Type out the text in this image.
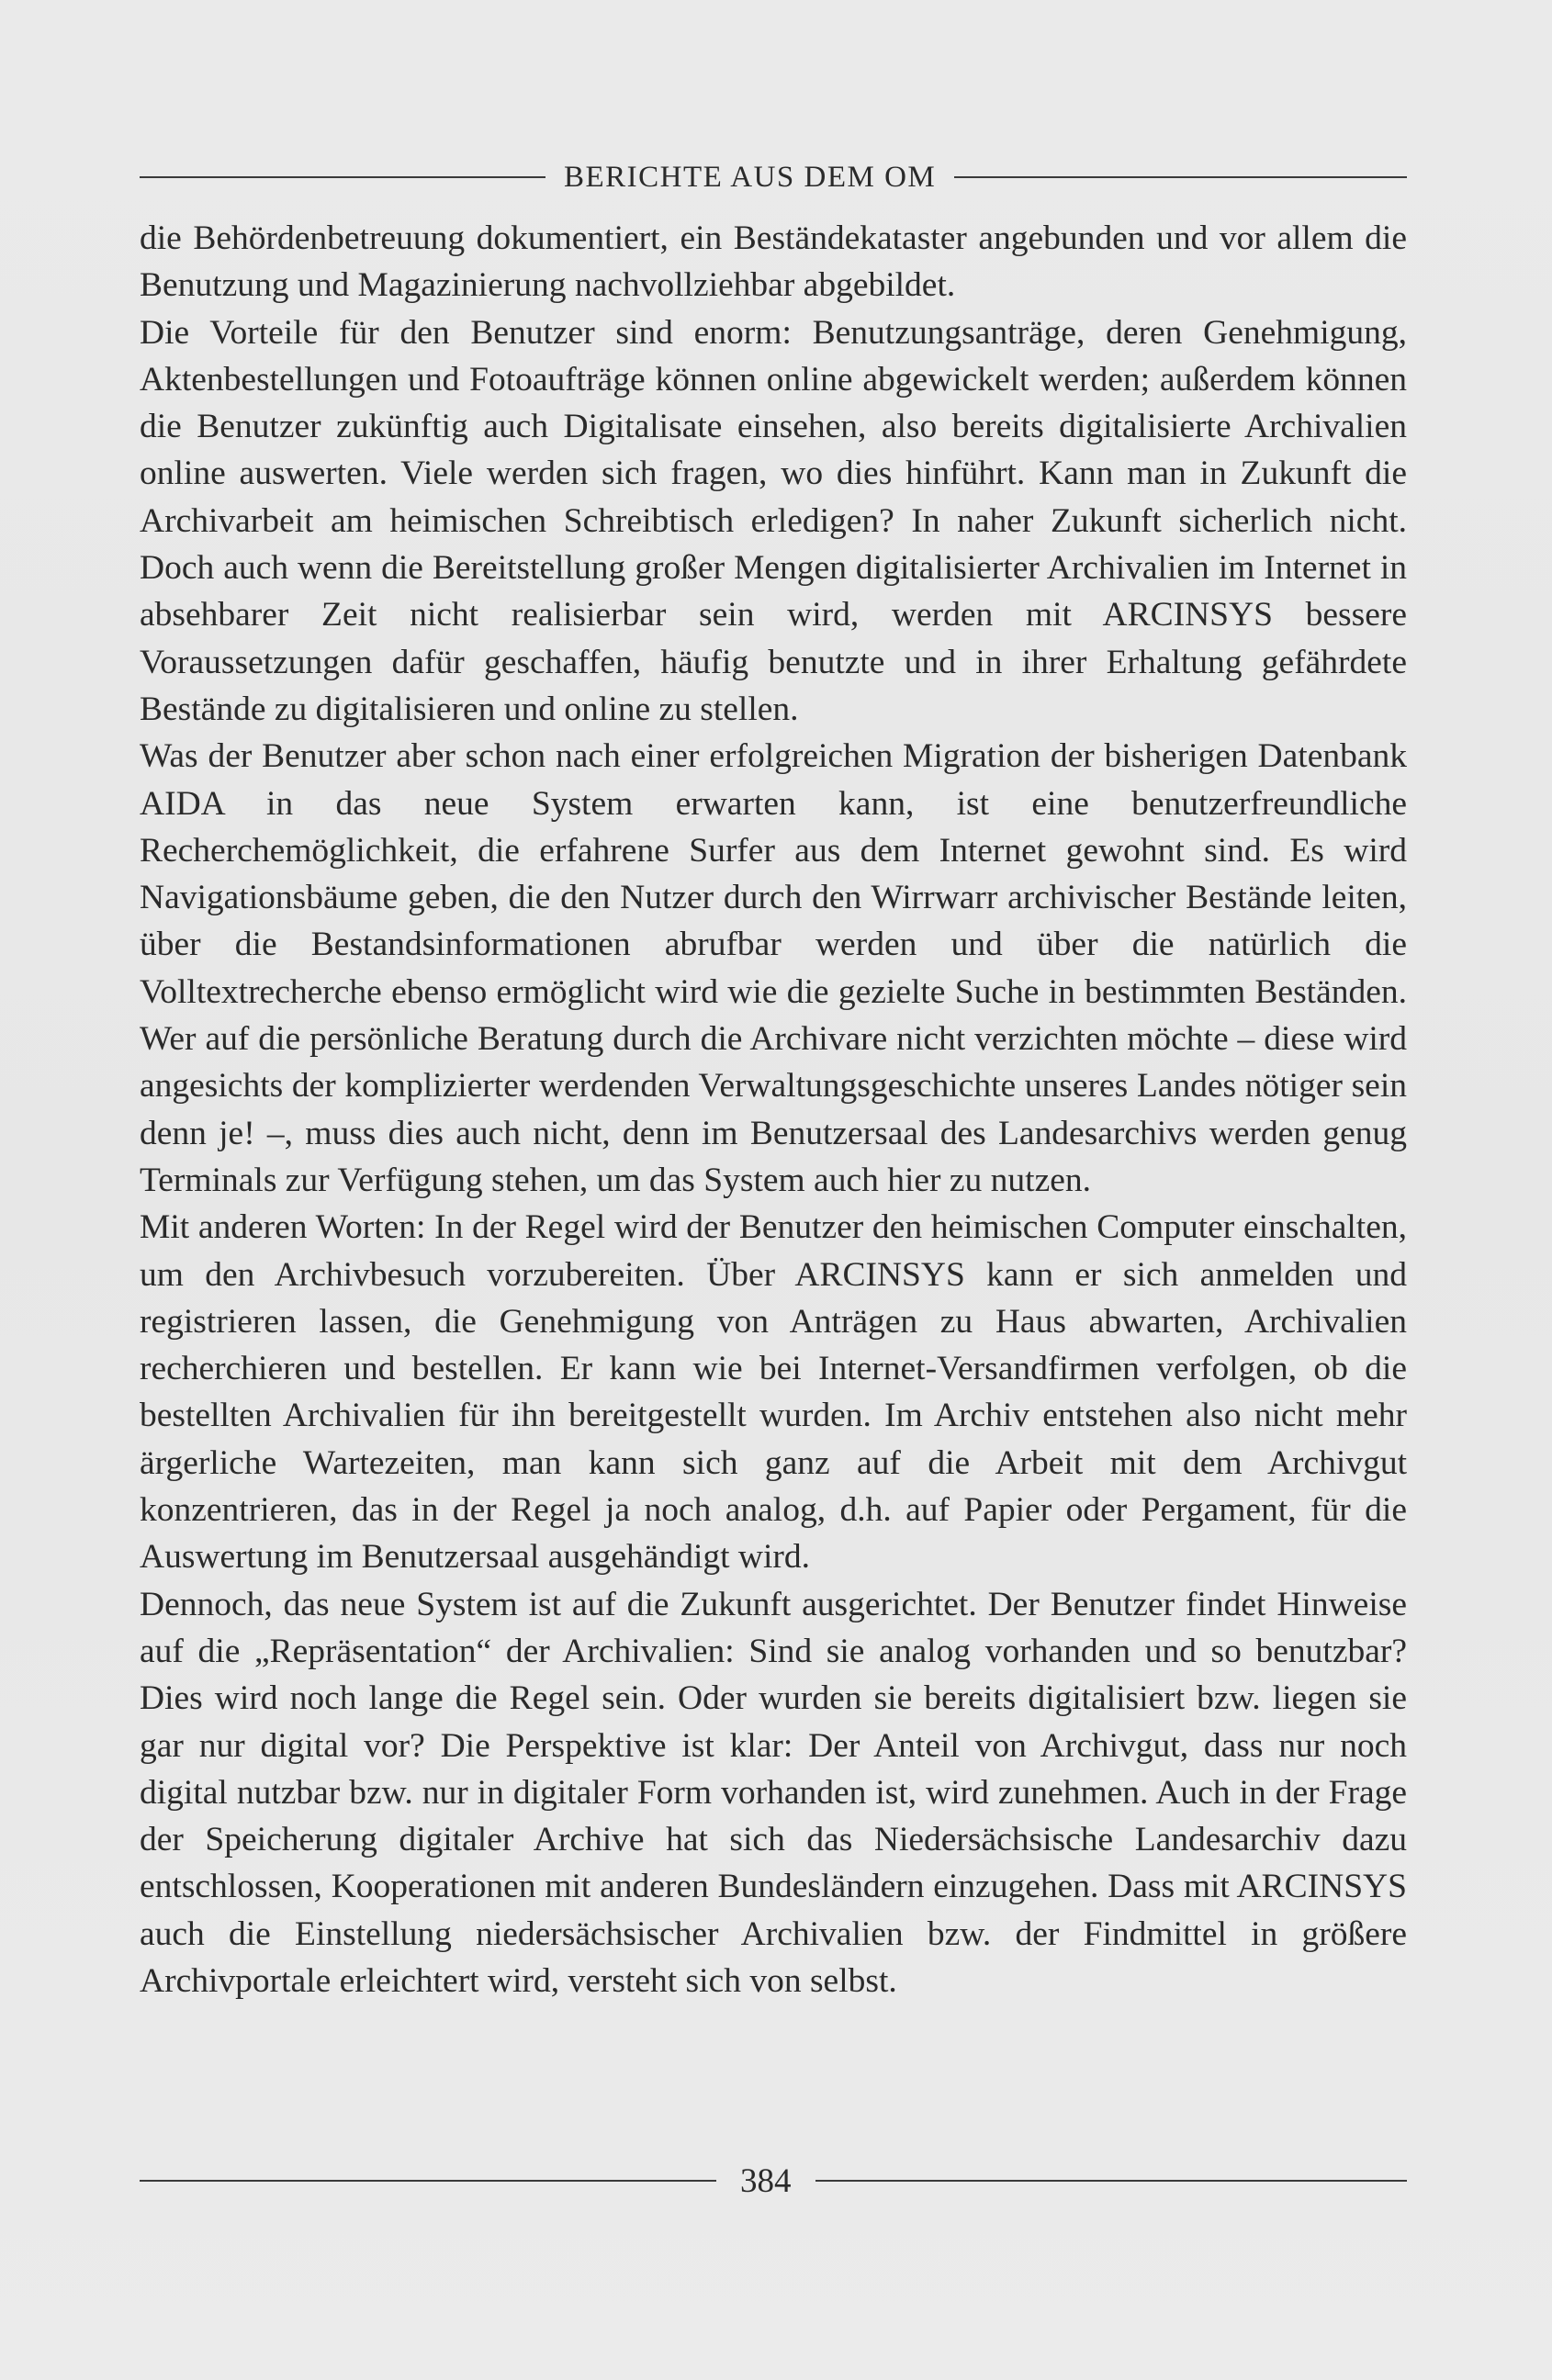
BERICHTE AUS DEM OM

die Behördenbetreuung dokumentiert, ein Beständekataster angebunden und vor allem die Benutzung und Magazinierung nachvollziehbar abgebildet.

Die Vorteile für den Benutzer sind enorm: Benutzungsanträge, deren Genehmigung, Aktenbestellungen und Fotoaufträge können online abgewickelt werden; außerdem können die Benutzer zukünftig auch Digitalisate einsehen, also bereits digitalisierte Archivalien online auswerten. Viele werden sich fragen, wo dies hinführt. Kann man in Zukunft die Archivarbeit am heimischen Schreibtisch erledigen? In naher Zukunft sicherlich nicht. Doch auch wenn die Bereitstellung großer Mengen digitalisierter Archivalien im Internet in absehbarer Zeit nicht realisierbar sein wird, werden mit ARCINSYS bessere Voraussetzungen dafür geschaffen, häufig benutzte und in ihrer Erhaltung gefährdete Bestände zu digitalisieren und online zu stellen.

Was der Benutzer aber schon nach einer erfolgreichen Migration der bisherigen Datenbank AIDA in das neue System erwarten kann, ist eine benutzerfreundliche Recherchemöglichkeit, die erfahrene Surfer aus dem Internet gewohnt sind. Es wird Navigationsbäume geben, die den Nutzer durch den Wirrwarr archivischer Bestände leiten, über die Bestandsinformationen abrufbar werden und über die natürlich die Volltextrecherche ebenso ermöglicht wird wie die gezielte Suche in bestimmten Beständen. Wer auf die persönliche Beratung durch die Archivare nicht verzichten möchte – diese wird angesichts der komplizierter werdenden Verwaltungsgeschichte unseres Landes nötiger sein denn je! –, muss dies auch nicht, denn im Benutzersaal des Landesarchivs werden genug Terminals zur Verfügung stehen, um das System auch hier zu nutzen.

Mit anderen Worten: In der Regel wird der Benutzer den heimischen Computer einschalten, um den Archivbesuch vorzubereiten. Über ARCINSYS kann er sich anmelden und registrieren lassen, die Genehmigung von Anträgen zu Haus abwarten, Archivalien recherchieren und bestellen. Er kann wie bei Internet-Versandfirmen verfolgen, ob die bestellten Archivalien für ihn bereitgestellt wurden. Im Archiv entstehen also nicht mehr ärgerliche Wartezeiten, man kann sich ganz auf die Arbeit mit dem Archivgut konzentrieren, das in der Regel ja noch analog, d.h. auf Papier oder Pergament, für die Auswertung im Benutzersaal ausgehändigt wird.

Dennoch, das neue System ist auf die Zukunft ausgerichtet. Der Benutzer findet Hinweise auf die „Repräsentation“ der Archivalien: Sind sie analog vorhanden und so benutzbar? Dies wird noch lange die Regel sein. Oder wurden sie bereits digitalisiert bzw. liegen sie gar nur digital vor? Die Perspektive ist klar: Der Anteil von Archivgut, dass nur noch digital nutzbar bzw. nur in digitaler Form vorhanden ist, wird zunehmen. Auch in der Frage der Speicherung digitaler Archive hat sich das Niedersächsische Landesarchiv dazu entschlossen, Kooperationen mit anderen Bundesländern einzugehen. Dass mit ARCINSYS auch die Einstellung niedersächsischer Archivalien bzw. der Findmittel in größere Archivportale erleichtert wird, versteht sich von selbst.

384
